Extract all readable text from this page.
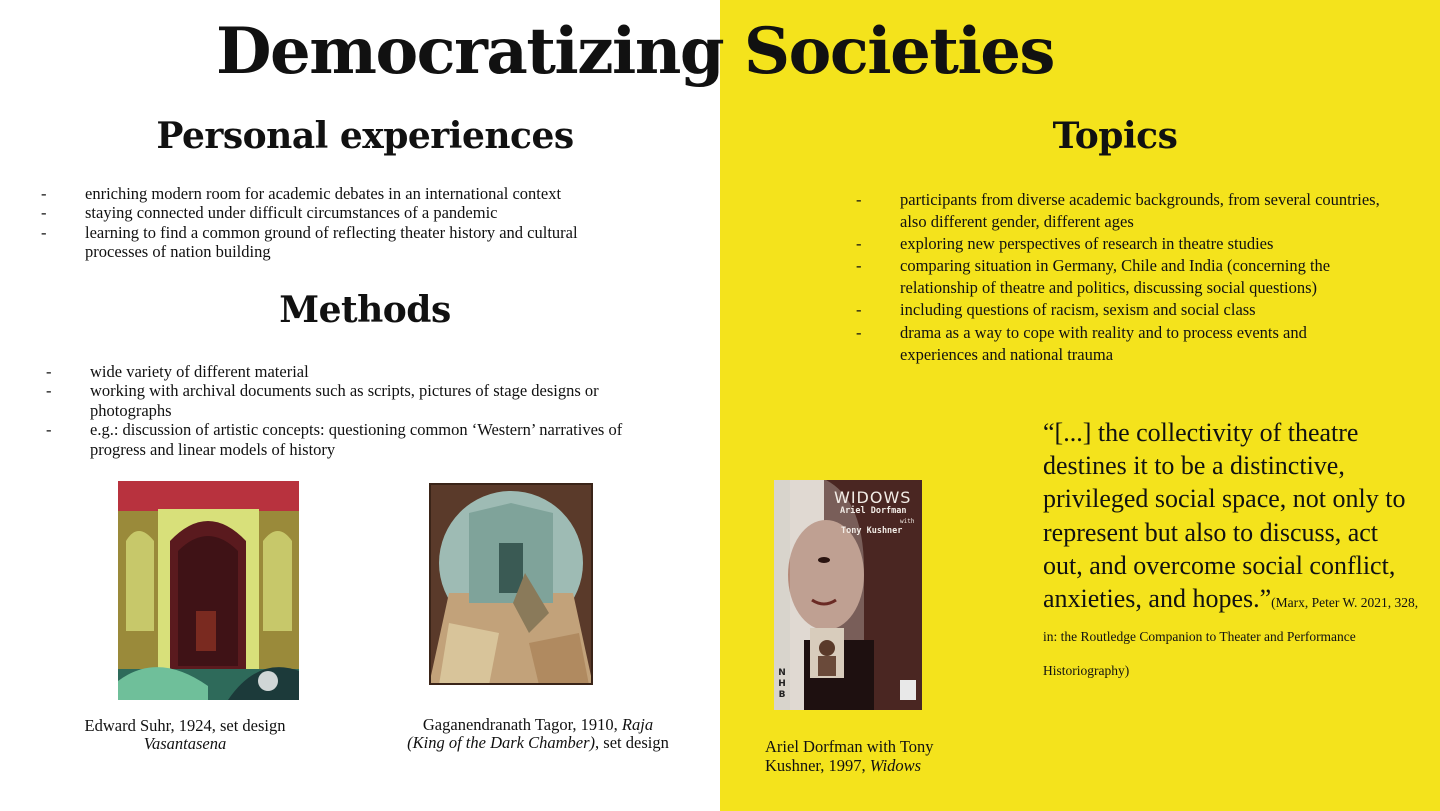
Democratizing Societies
Personal experiences
- enriching modern room for academic debates in an international context
- staying connected under difficult circumstances of a pandemic
- learning to find a common ground of reflecting theater history and cultural processes of nation building
Methods
- wide variety of different material
- working with archival documents such as scripts, pictures of stage designs or photographs
- e.g.: discussion of artistic concepts: questioning common ‘Western’ narratives of progress and linear models of history
Topics
- participants from diverse academic backgrounds, from several countries, also different gender, different ages
- exploring new perspectives of research in theatre studies
- comparing situation in Germany, Chile and India (concerning the relationship of theatre and politics, discussing social questions)
- including questions of racism, sexism and social class
- drama as a way to cope with reality and to process events and experiences and national trauma
Edward Suhr, 1924, set design
Vasantasena
Gaganendranath Tagor, 1910, Raja
(King of the Dark Chamber), set design
WIDOWS
Ariel Dorfman
with
Tony Kushner
NHB
Ariel Dorfman with Tony
Kushner, 1997, Widows
“[...] the collectivity of theatre destines it to be a distinctive, privileged social space, not only to represent but also to discuss, act out, and overcome social conflict, anxieties, and hopes.”(Marx, Peter W. 2021, 328, in: the Routledge Companion to Theater and Performance Historiography)
